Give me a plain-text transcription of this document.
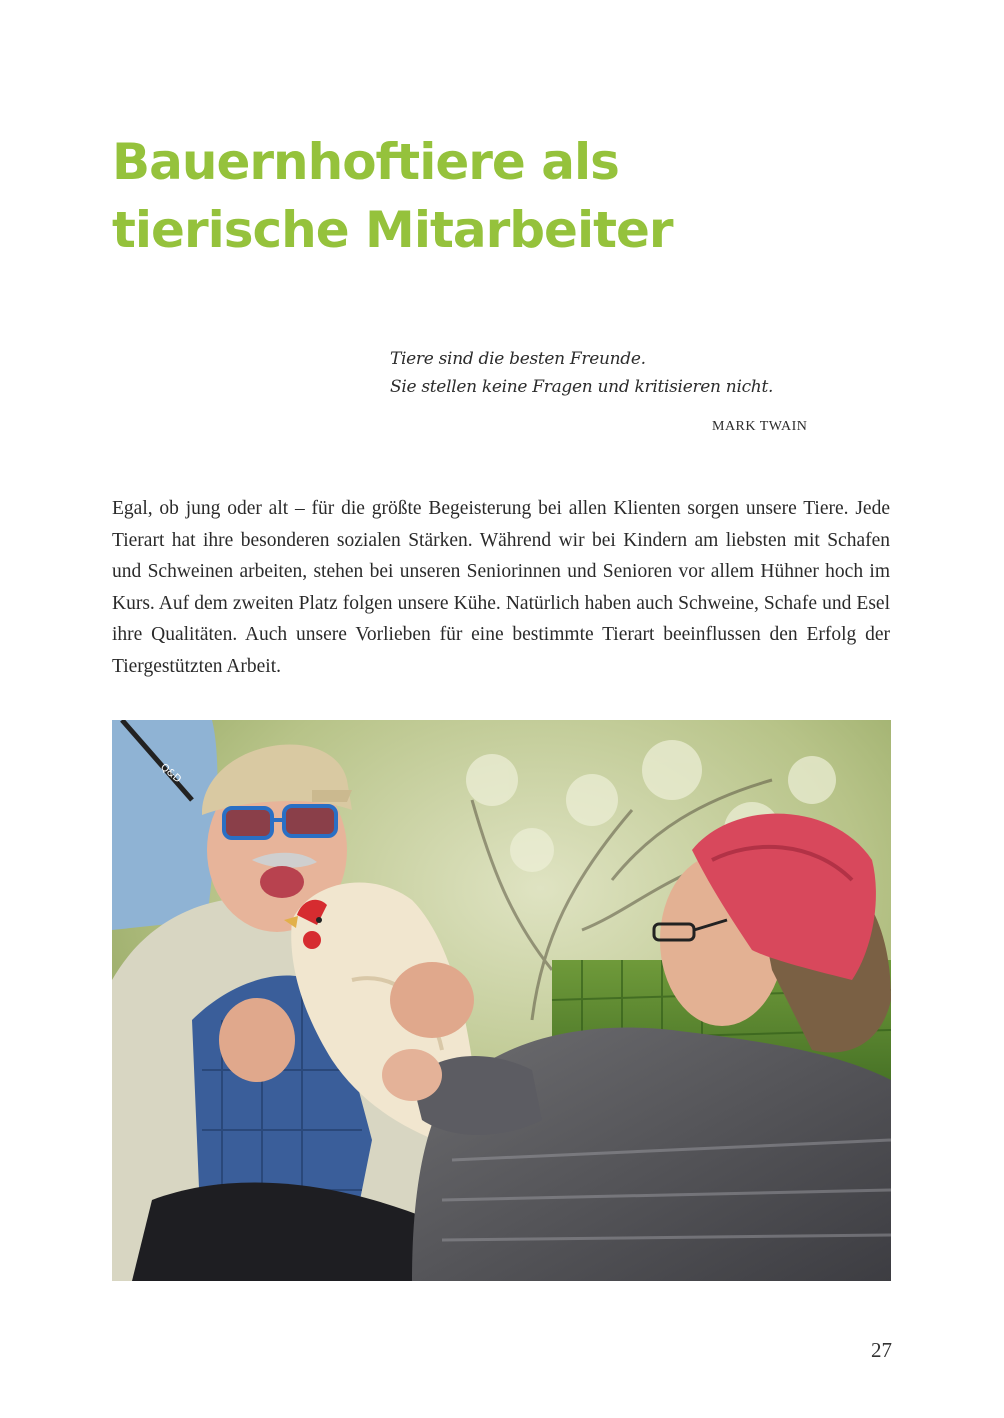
Bauernhoftiere als
tierische Mitarbeiter
Tiere sind die besten Freunde.
Sie stellen keine Fragen und kritisieren nicht.
MARK TWAIN

Egal, ob jung oder alt – für die größte Begeisterung bei allen Klienten sorgen unsere Tiere. Jede Tierart hat ihre besonderen sozialen Stärken. Während wir bei Kindern am liebsten mit Schafen und Schweinen arbeiten, stehen bei unseren Seniorinnen und Senioren vor allem Hühner hoch im Kurs. Auf dem zweiten Platz folgen unsere Kühe. Natürlich haben auch Schweine, Schafe und Esel ihre Qualitäten. Auch unsere Vorlieben für eine bestimmte Tierart beeinflussen den Erfolg der Tiergestützten Arbeit.

Q&D
27
